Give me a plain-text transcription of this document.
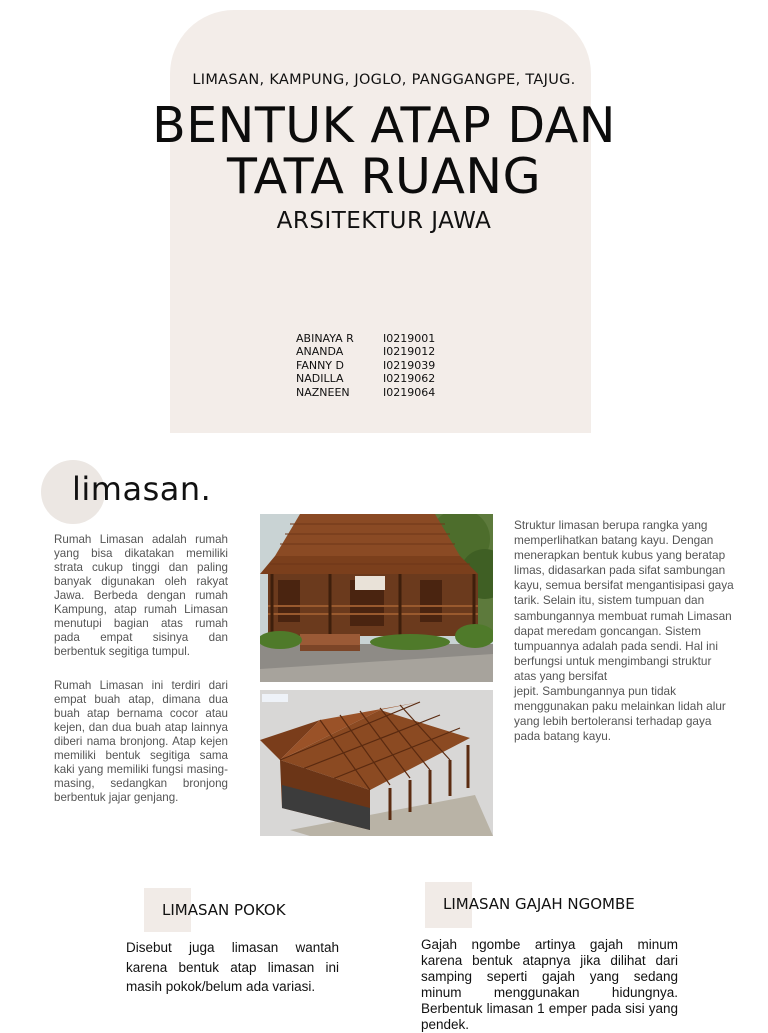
LIMASAN, KAMPUNG, JOGLO, PANGGANGPE, TAJUG.
BENTUK ATAP DAN
TATA RUANG
ARSITEKTUR JAWA
ABINAYA R	I0219001
ANANDA	I0219012
FANNY D	I0219039
NADILLA	I0219062
NAZNEEN	I0219064
limasan.
Rumah Limasan adalah rumah yang bisa dikatakan memiliki strata cukup tinggi dan paling banyak digunakan oleh rakyat Jawa. Berbeda dengan rumah Kampung, atap rumah Limasan menutupi bagian atas rumah pada empat sisinya dan berbentuk segitiga tumpul.
Rumah Limasan ini terdiri dari empat buah atap, dimana dua buah atap bernama cocor atau kejen, dan dua buah atap lainnya diberi nama bronjong. Atap kejen memiliki bentuk segitiga sama kaki yang memiliki fungsi masing-masing, sedangkan bronjong berbentuk jajar genjang.
Struktur limasan berupa rangka yang memperlihatkan batang kayu. Dengan menerapkan bentuk kubus yang beratap limas, didasarkan pada sifat sambungan kayu, semua bersifat mengantisipasi gaya tarik. Selain itu, sistem tumpuan dan sambungannya membuat rumah Limasan dapat meredam goncangan. Sistem tumpuannya adalah pada sendi. Hal ini berfungsi untuk mengimbangi struktur atas yang bersifat
jepit. Sambungannya pun tidak menggunakan paku melainkan lidah alur yang lebih bertoleransi terhadap gaya pada batang kayu.
LIMASAN POKOK
Disebut juga limasan wantah karena bentuk atap limasan ini masih pokok/belum ada variasi.
LIMASAN GAJAH NGOMBE
Gajah ngombe artinya gajah minum karena bentuk atapnya jika dilihat dari samping seperti gajah yang sedang minum menggunakan hidungnya. Berbentuk limasan 1 emper pada sisi yang pendek.
